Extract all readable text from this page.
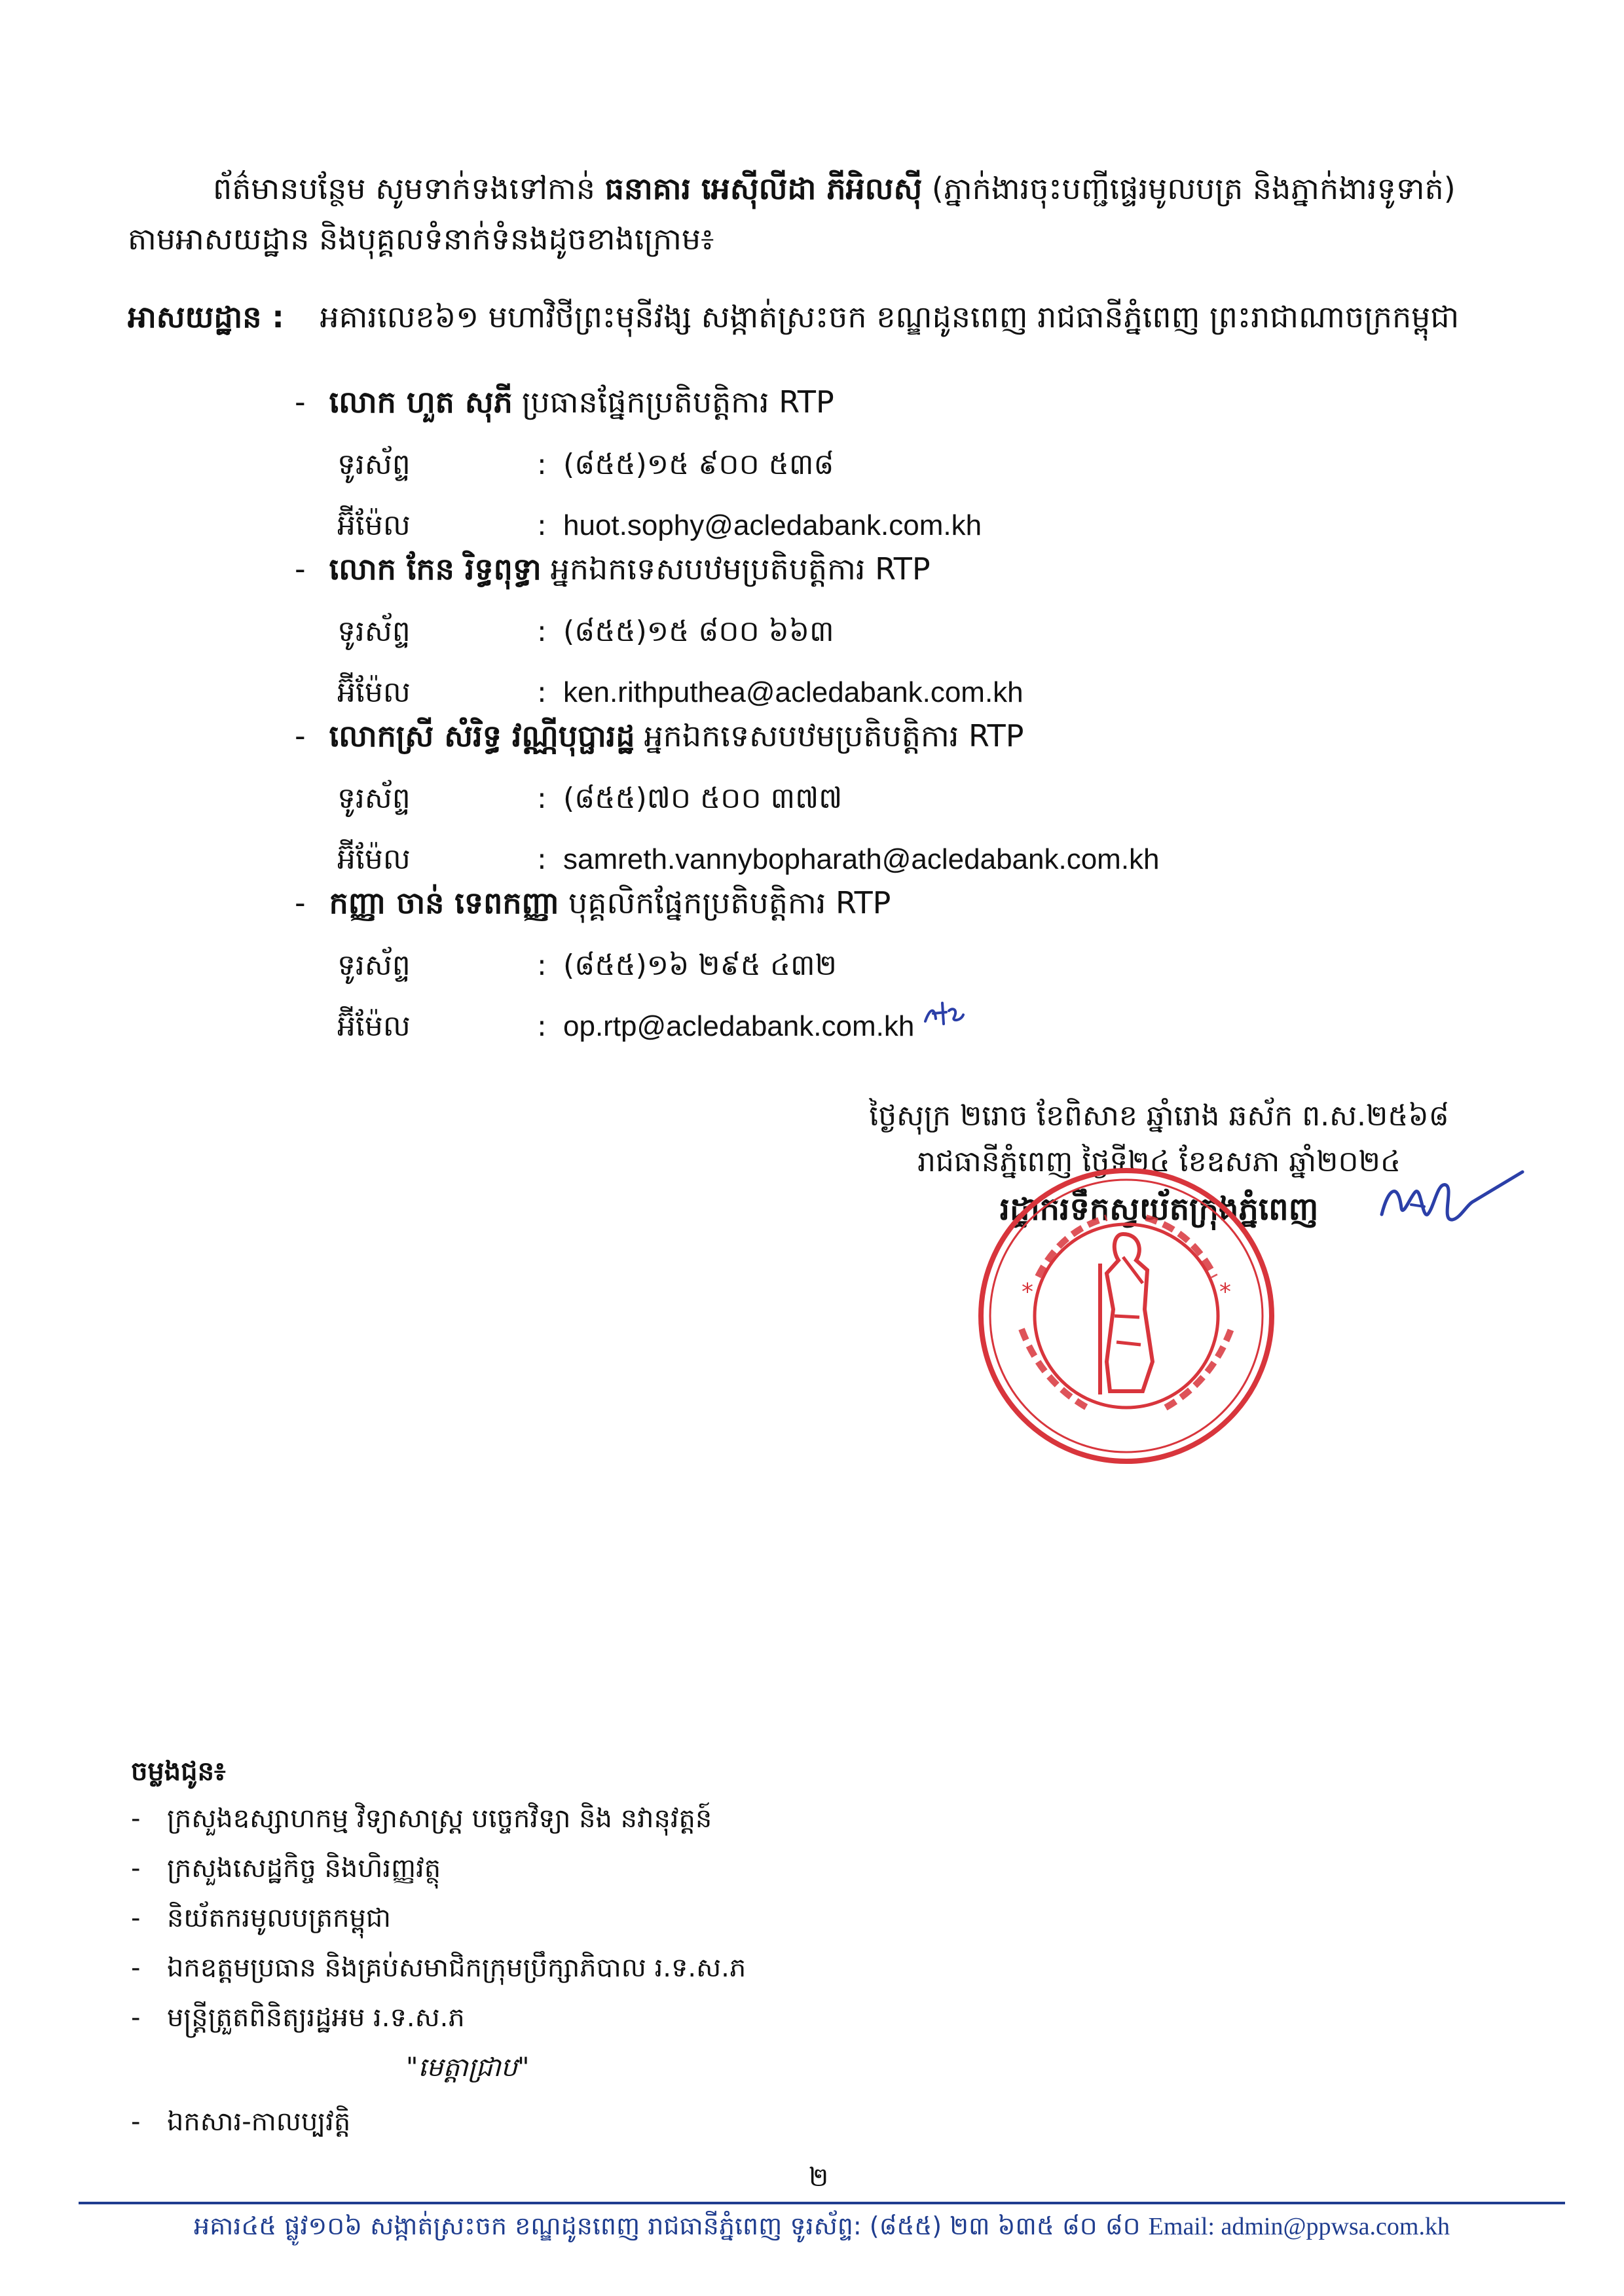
ព័ត៌មានបន្ថែម សូមទាក់ទងទៅកាន់ ធនាគារ អេស៊ីលីដា ភីអិលស៊ី (ភ្នាក់ងារចុះបញ្ជីផ្ទេរមូលបត្រ និងភ្នាក់ងារទូទាត់) តាមអាសយដ្ឋាន និងបុគ្គលទំនាក់ទំនងដូចខាងក្រោម៖
អាសយដ្ឋាន : អគារលេខ៦១ មហាវិថីព្រះមុនីវង្ស សង្កាត់ស្រះចក ខណ្ឌដូនពេញ រាជធានីភ្នំពេញ ព្រះរាជាណាចក្រកម្ពុជា
- លោក ហួត សុភី ប្រធានផ្នែកប្រតិបត្តិការ RTP
ទូរស័ព្ទ	: (៨៥៥)១៥ ៩០០ ៥៣៨
អ៊ីម៉ែល	: huot.sophy@acledabank.com.kh
- លោក កែន រិទ្ធពុទ្ធា អ្នកឯកទេសបឋមប្រតិបត្តិការ RTP
ទូរស័ព្ទ	: (៨៥៥)១៥ ៨០០ ៦៦៣
អ៊ីម៉ែល	: ken.rithputhea@acledabank.com.kh
- លោកស្រី សំរិទ្ធ វណ្ណីបុប្ផារដ្ឋ អ្នកឯកទេសបឋមប្រតិបត្តិការ RTP
ទូរស័ព្ទ	: (៨៥៥)៧០ ៥០០ ៣៧៧
អ៊ីម៉ែល	: samreth.vannybopharath@acledabank.com.kh
- កញ្ញា ចាន់ ទេពកញ្ញា បុគ្គលិកផ្នែកប្រតិបត្តិការ RTP
ទូរស័ព្ទ	: (៨៥៥)១៦ ២៩៥ ៤៣២
អ៊ីម៉ែល	: op.rtp@acledabank.com.kh
ថ្ងៃសុក្រ ២រោច ខែពិសាខ ឆ្នាំរោង ឆស័ក ព.ស.២៥៦៨
រាជធានីភ្នំពេញ ថ្ងៃទី២៤ ខែឧសភា ឆ្នាំ២០២៤
រដ្ឋាករទឹកស្វយ័តក្រុងភ្នំពេញ
*	*
ចម្លងជូន៖
- ក្រសួងឧស្សាហកម្ម វិទ្យាសាស្ត្រ បច្ចេកវិទ្យា និង នវានុវត្តន៍
- ក្រសួងសេដ្ឋកិច្ច និងហិរញ្ញវត្ថុ
- និយ័តករមូលបត្រកម្ពុជា
- ឯកឧត្តមប្រធាន និងគ្រប់សមាជិកក្រុមប្រឹក្សាភិបាល រ.ទ.ស.ភ
- មន្ត្រីត្រួតពិនិត្យរដ្ឋអម រ.ទ.ស.ភ
"មេត្តាជ្រាប"
- ឯកសារ-កាលប្បវត្តិ
២
អគារ៤៥ ផ្លូវ១០៦ សង្កាត់ស្រះចក ខណ្ឌដូនពេញ រាជធានីភ្នំពេញ ទូរស័ព្ទ: (៨៥៥) ២៣ ៦៣៥ ៨០ ៨០ Email: admin@ppwsa.com.kh
